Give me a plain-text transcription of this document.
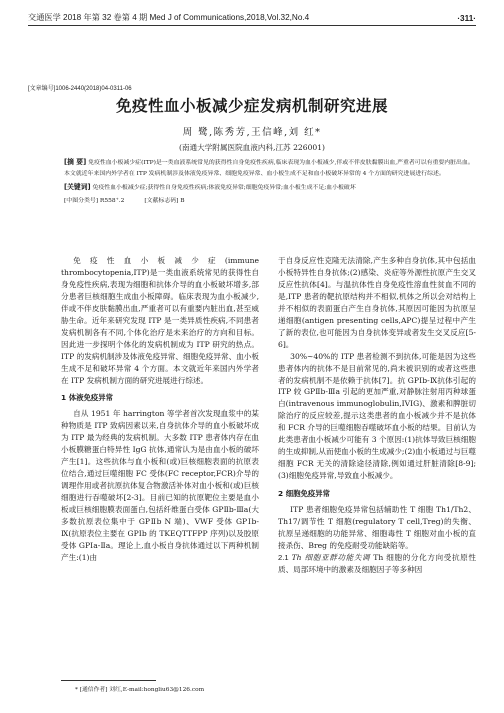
交通医学 2018 年第 32 卷第 4 期 Med J of Communications,2018,Vol.32,No.4	·311·
[文章编号]1006-2440(2018)04-0311-06
免疫性血小板减少症发病机制研究进展
周 鹭,陈秀芳,王信峰,刘 红*
(南通大学附属医院血液内科,江苏 226001)

[摘 要] 免疫性血小板减少症(ITP)是一类血液系统常见的获得性自身免疫性疾病,临床表现为血小板减少,伴或不伴皮肤黏膜出血,严重者可以有重要内脏出血。本文就近年来国内外学者在 ITP 发病机制涉及体液免疫异常、细胞免疫异常、血小板生成不足和血小板破坏异常的 4 个方面的研究进展进行综述。

[关键词] 免疫性血小板减少症;获得性自身免疫性疾病;体液免疫异常;细胞免疫异常;血小板生成不足;血小板破坏

[中图分类号] R558⁺.2	[文献标志码] B

免疫性血小板减少症(immune thrombocytopenia,ITP)是一类血液系统常见的获得性自身免疫性疾病,表现为细胞和抗体介导的血小板破坏增多,部分患者巨核细胞生成血小板障碍。临床表现为血小板减少,伴或不伴皮肤黏膜出血,严重者可以有重要内脏出血,甚至威胁生命。近年来研究发现 ITP 是一类异质性疾病,不同患者发病机制各有不同,个体化治疗是未来治疗的方向和目标。因此进一步探明个体化的发病机制成为 ITP 研究的热点。ITP 的发病机制涉及体液免疫异常、细胞免疫异常、血小板生成不足和破坏异常 4 个方面。本文就近年来国内外学者在 ITP 发病机制方面的研究进展进行综述。

1 体液免疫异常

自从 1951 年 harrington 等学者首次发现血浆中的某种物质是 ITP 致病因素以来,自身抗体介导的血小板破坏成为 ITP 最为经典的发病机制。大多数 ITP 患者体内存在血小板膜糖蛋白特异性 IgG 抗体,通常认为是由血小板的破坏产生[1]。这些抗体与血小板和(或)巨核细胞表面的抗原表位结合,通过巨噬细胞 FC 受体(FC receptor,FCR)介导的调理作用或者抗原抗体复合物激活补体对血小板和(或)巨核细胞进行吞噬破坏[2-3]。目前已知的抗原靶位主要是血小板或巨核细胞膜表面蛋白,包括纤维蛋白受体 GPⅡb-Ⅲa(大多数抗原表位集中于 GPⅡb N 端)、VWF 受体 GPⅠb-Ⅸ(抗原表位主要在 GPⅠb 的 TKEQTTFPP 序列)以及胶原受体 GPⅠa-Ⅱa。理论上,血小板自身抗体通过以下两种机制产生:(1)由

于自身反应性克隆无法清除,产生多种自身抗体,其中包括血小板特异性自身抗体;(2)感染、炎症等外源性抗原产生交叉反应性抗体[4]。与温抗体性自身免疫性溶血性贫血不同的是,ITP 患者的靶抗原结构并不相似,机体之所以会对结构上并不相似的表面蛋白产生自身抗体,其原因可能因为抗原呈递细胞(antigen presenting cells,APC)提呈过程中产生了新的表位,也可能因为自身抗体变异或者发生交叉反应[5-6]。

30%~40%的 ITP 患者检测不到抗体,可能是因为这些患者体内的抗体不是目前常见的,尚未被识别的或者这些患者的发病机制不是依赖于抗体[7]。抗 GPⅠb-Ⅸ抗体引起的 ITP 较 GPⅡb-Ⅲa 引起的更加严重,对静脉注射用丙种球蛋白(intravenous immunoglobulin,IVIG)、激素和脾脏切除治疗的反应较差,提示这类患者的血小板减少并不是抗体和 FCR 介导的巨噬细胞吞噬破坏血小板的结果。目前认为此类患者血小板减少可能有 3 个原因:(1)抗体导致巨核细胞的生成抑制,从而使血小板的生成减少;(2)血小板通过与巨噬细胞 FCR 无关的清除途径清除,例如通过肝脏清除[8-9];(3)细胞免疫异常,导致血小板减少。

2 细胞免疫异常

ITP 患者细胞免疫异常包括辅助性 T 细胞 Th1/Th2、Th17/调节性 T 细胞(regulatory T cell,Treg)的失衡、抗原呈递细胞的功能异常、细胞毒性 T 细胞对血小板的直接杀伤、Breg 的免疫耐受功能缺陷等。

2.1 Th 细胞亚群功能失调 Th 细胞的分化方向受抗原性质、局部环境中的激素及细胞因子等多种因

* [通信作者] 刘红,E-mail:hongliu63@126.com
